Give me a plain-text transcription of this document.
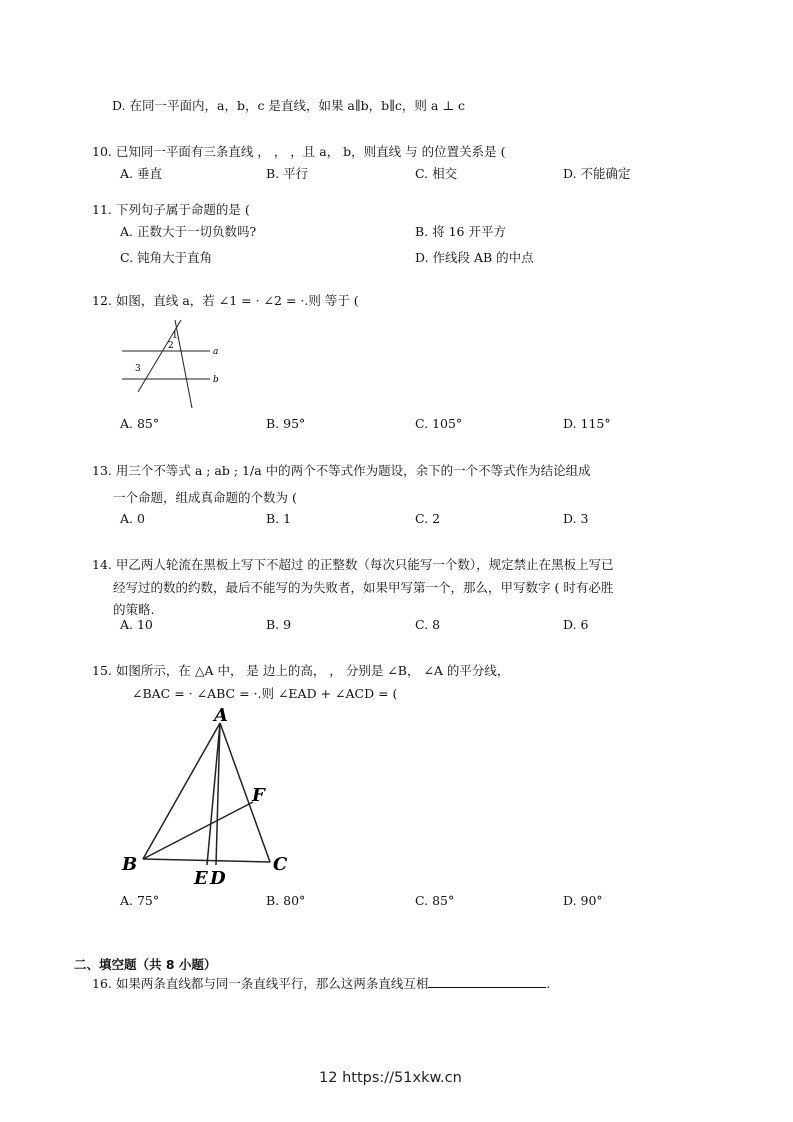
D. 在同一平面内，a，b，c 是直线，如果 a∥b，b∥c，则 a ⊥ c
10. 已知同一平面有三条直线 ， ， ，且 a， b，则直线 与 的位置关系是 (
A. 垂直	B. 平行	C. 相交	D. 不能确定
11. 下列句子属于命题的是 (
A. 正数大于一切负数吗?	B. 将 16 开平方
C. 钝角大于直角	D. 作线段 AB 的中点
12. 如图，直线 a，若 ∠1 = · ∠2 = ·.则 等于 (
1
2
3
a
b
A. 85°	B. 95°	C. 105°	D. 115°
13. 用三个不等式 a ; ab ; 1/a 中的两个不等式作为题设，余下的一个不等式作为结论组成
一个命题，组成真命题的个数为 (
A. 0	B. 1	C. 2	D. 3
14. 甲乙两人轮流在黑板上写下不超过 的正整数（每次只能写一个数），规定禁止在黑板上写已
经写过的数的约数，最后不能写的为失败者，如果甲写第一个，那么，甲写数字 ( 时有必胜
的策略.
A. 10	B. 9	C. 8	D. 6
15. 如图所示，在 △A 中， 是 边上的高， ， 分别是 ∠B， ∠A 的平分线，
∠BAC = · ∠ABC = ·.则 ∠EAD + ∠ACD = (
A
B	C
D
E
F
A. 75°	B. 80°	C. 85°	D. 90°
二、填空题（共 8 小题）
16. 如果两条直线都与同一条直线平行，那么这两条直线互相	.
12 https://51xkw.cn
